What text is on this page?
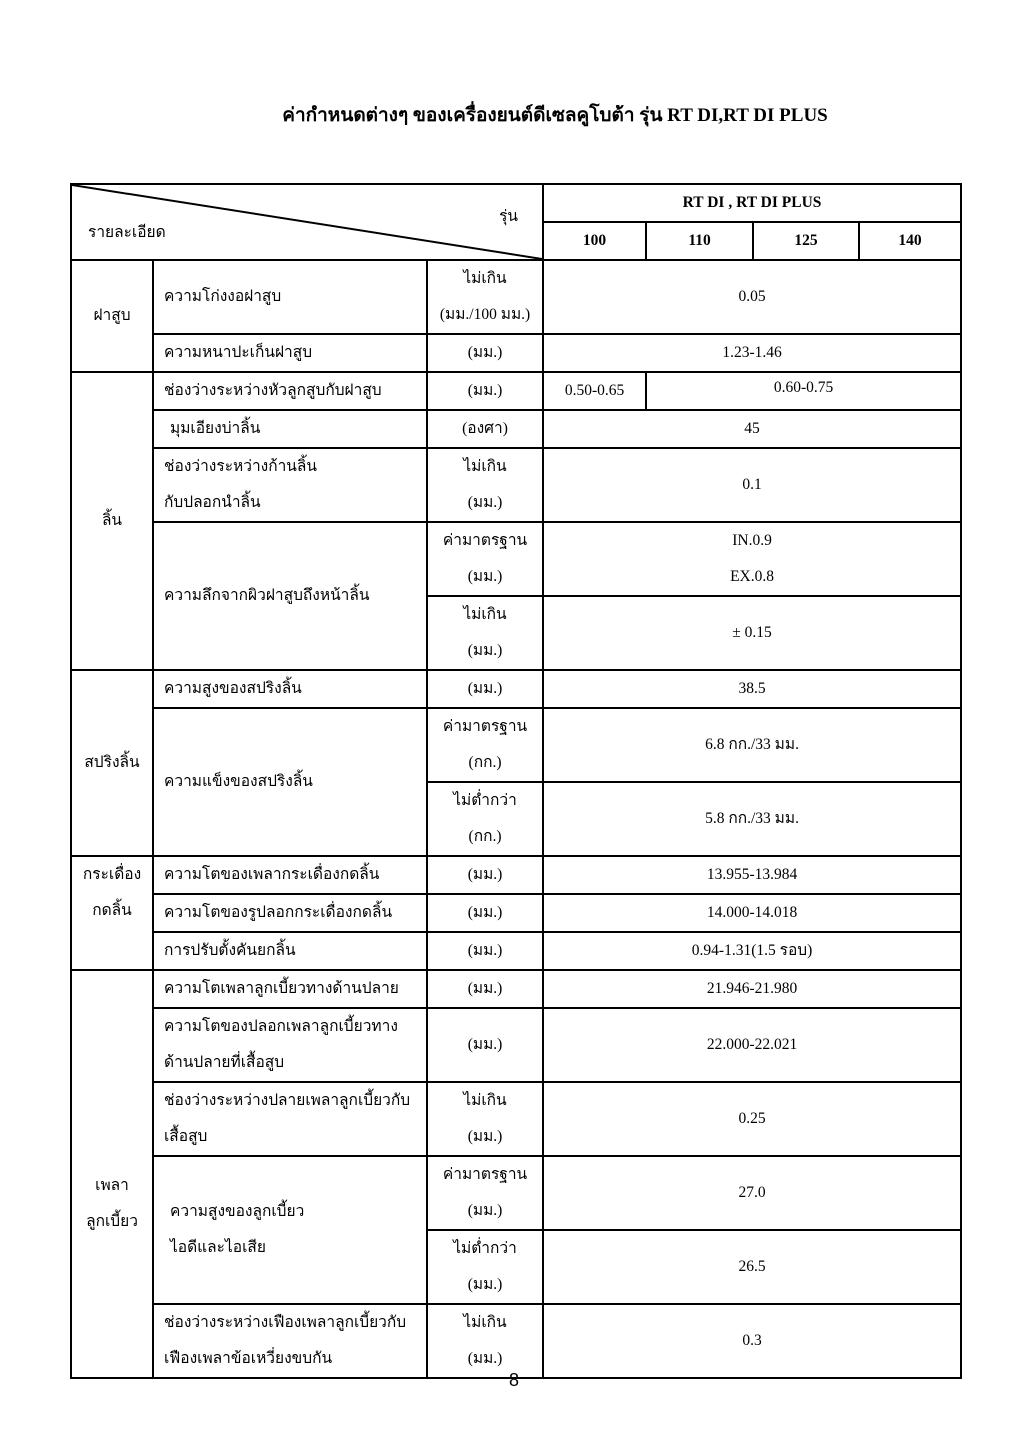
ค่ากำหนดต่างๆ ของเครื่องยนต์ดีเซลคูโบต้า รุ่น RT DI,RT DI PLUS
รายละเอียด
รุ่น			RT DI , RT DI PLUS			
			100	110	125	140
ฝาสูบ	ความโก่งงอฝาสูบ	ไม่เกิน
(มม./100 มม.)	0.05			
	ความหนาปะเก็นฝาสูบ	(มม.)	1.23-1.46			
ลิ้น	ช่องว่างระหว่างหัวลูกสูบกับฝาสูบ	(มม.)	0.50-0.65	0.60-0.75		
	มุมเอียงบ่าลิ้น	(องศา)	45			

	ช่องว่างระหว่างก้านลิ้น
กับปลอกนำลิ้น	ไม่เกิน
(มม.)	0.1			
	ความลึกจากผิวฝาสูบถึงหน้าลิ้น	ค่ามาตรฐาน
(มม.)	IN.0.9
EX.0.8			

		ไม่เกิน
(มม.)	± 0.15			
สปริงลิ้น	ความสูงของสปริงลิ้น	(มม.)	38.5			
	ความแข็งของสปริงลิ้น	ค่ามาตรฐาน
(กก.)	6.8 กก./33 มม.			

		ไม่ต่ำกว่า
(กก.)	5.8 กก./33 มม.			

กระเดื่อง
กดลิ้น	ความโตของเพลากระเดื่องกดลิ้น	(มม.)	13.955-13.984			
	ความโตของรูปลอกกระเดื่องกดลิ้น	(มม.)	14.000-14.018			
	การปรับตั้งคันยกลิ้น	(มม.)	0.94-1.31(1.5 รอบ)			

เพลา
ลูกเบี้ยว	ความโตเพลาลูกเบี้ยวทางด้านปลาย	(มม.)	21.946-21.980			

	ความโตของปลอกเพลาลูกเบี้ยวทาง
ด้านปลายที่เสื้อสูบ	(มม.)	22.000-22.021			

	ช่องว่างระหว่างปลายเพลาลูกเบี้ยวกับ
เสื้อสูบ	ไม่เกิน
(มม.)	0.25			

	ความสูงของลูกเบี้ยว
ไอดีและไอเสีย	ค่ามาตรฐาน
(มม.)	27.0			

		ไม่ต่ำกว่า
(มม.)	26.5			

	ช่องว่างระหว่างเฟืองเพลาลูกเบี้ยวกับ
เฟืองเพลาข้อเหวี่ยงขบกัน	ไม่เกิน
(มม.)	0.3			
8
